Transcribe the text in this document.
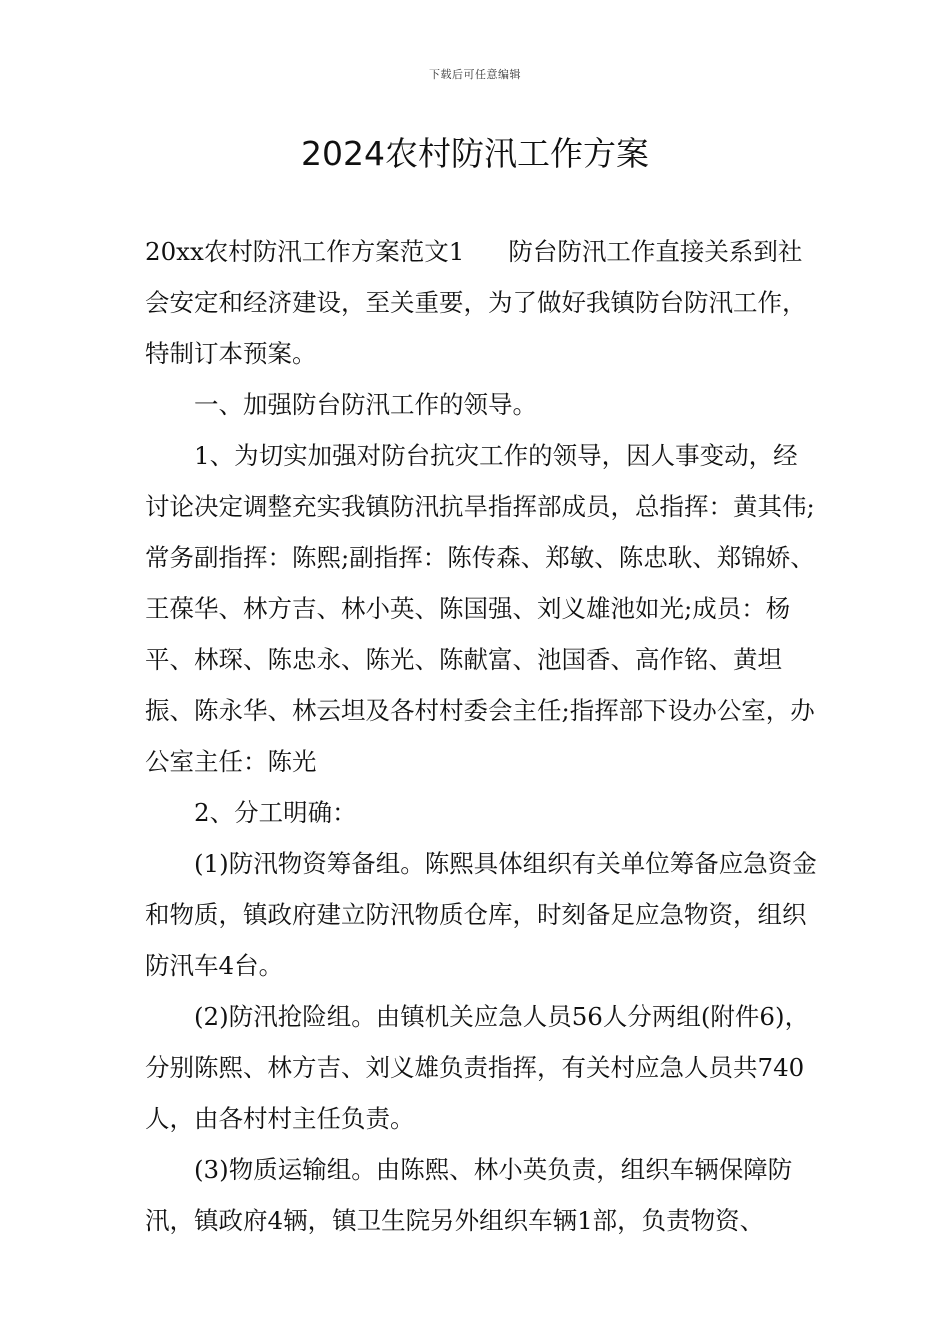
下载后可任意编辑
2024农村防汛工作方案

20xx农村防汛工作方案范文1 防台防汛工作直接关系到社会安定和经济建设，至关重要，为了做好我镇防台防汛工作，特制订本预案。

一、加强防台防汛工作的领导。

1、为切实加强对防台抗灾工作的领导，因人事变动，经讨论决定调整充实我镇防汛抗旱指挥部成员，总指挥：黄其伟;常务副指挥：陈熙;副指挥：陈传森、郑敏、陈忠耿、郑锦娇、王葆华、林方吉、林小英、陈国强、刘义雄池如光;成员：杨平、林琛、陈忠永、陈光、陈献富、池国香、高作铭、黄坦振、陈永华、林云坦及各村村委会主任;指挥部下设办公室，办公室主任：陈光

2、分工明确：

(1)防汛物资筹备组。陈熙具体组织有关单位筹备应急资金和物质，镇政府建立防汛物质仓库，时刻备足应急物资，组织防汛车4台。

(2)防汛抢险组。由镇机关应急人员56人分两组(附件6)，分别陈熙、林方吉、刘义雄负责指挥，有关村应急人员共740人，由各村村主任负责。

(3)物质运输组。由陈熙、林小英负责，组织车辆保障防汛，镇政府4辆，镇卫生院另外组织车辆1部，负责物资、
